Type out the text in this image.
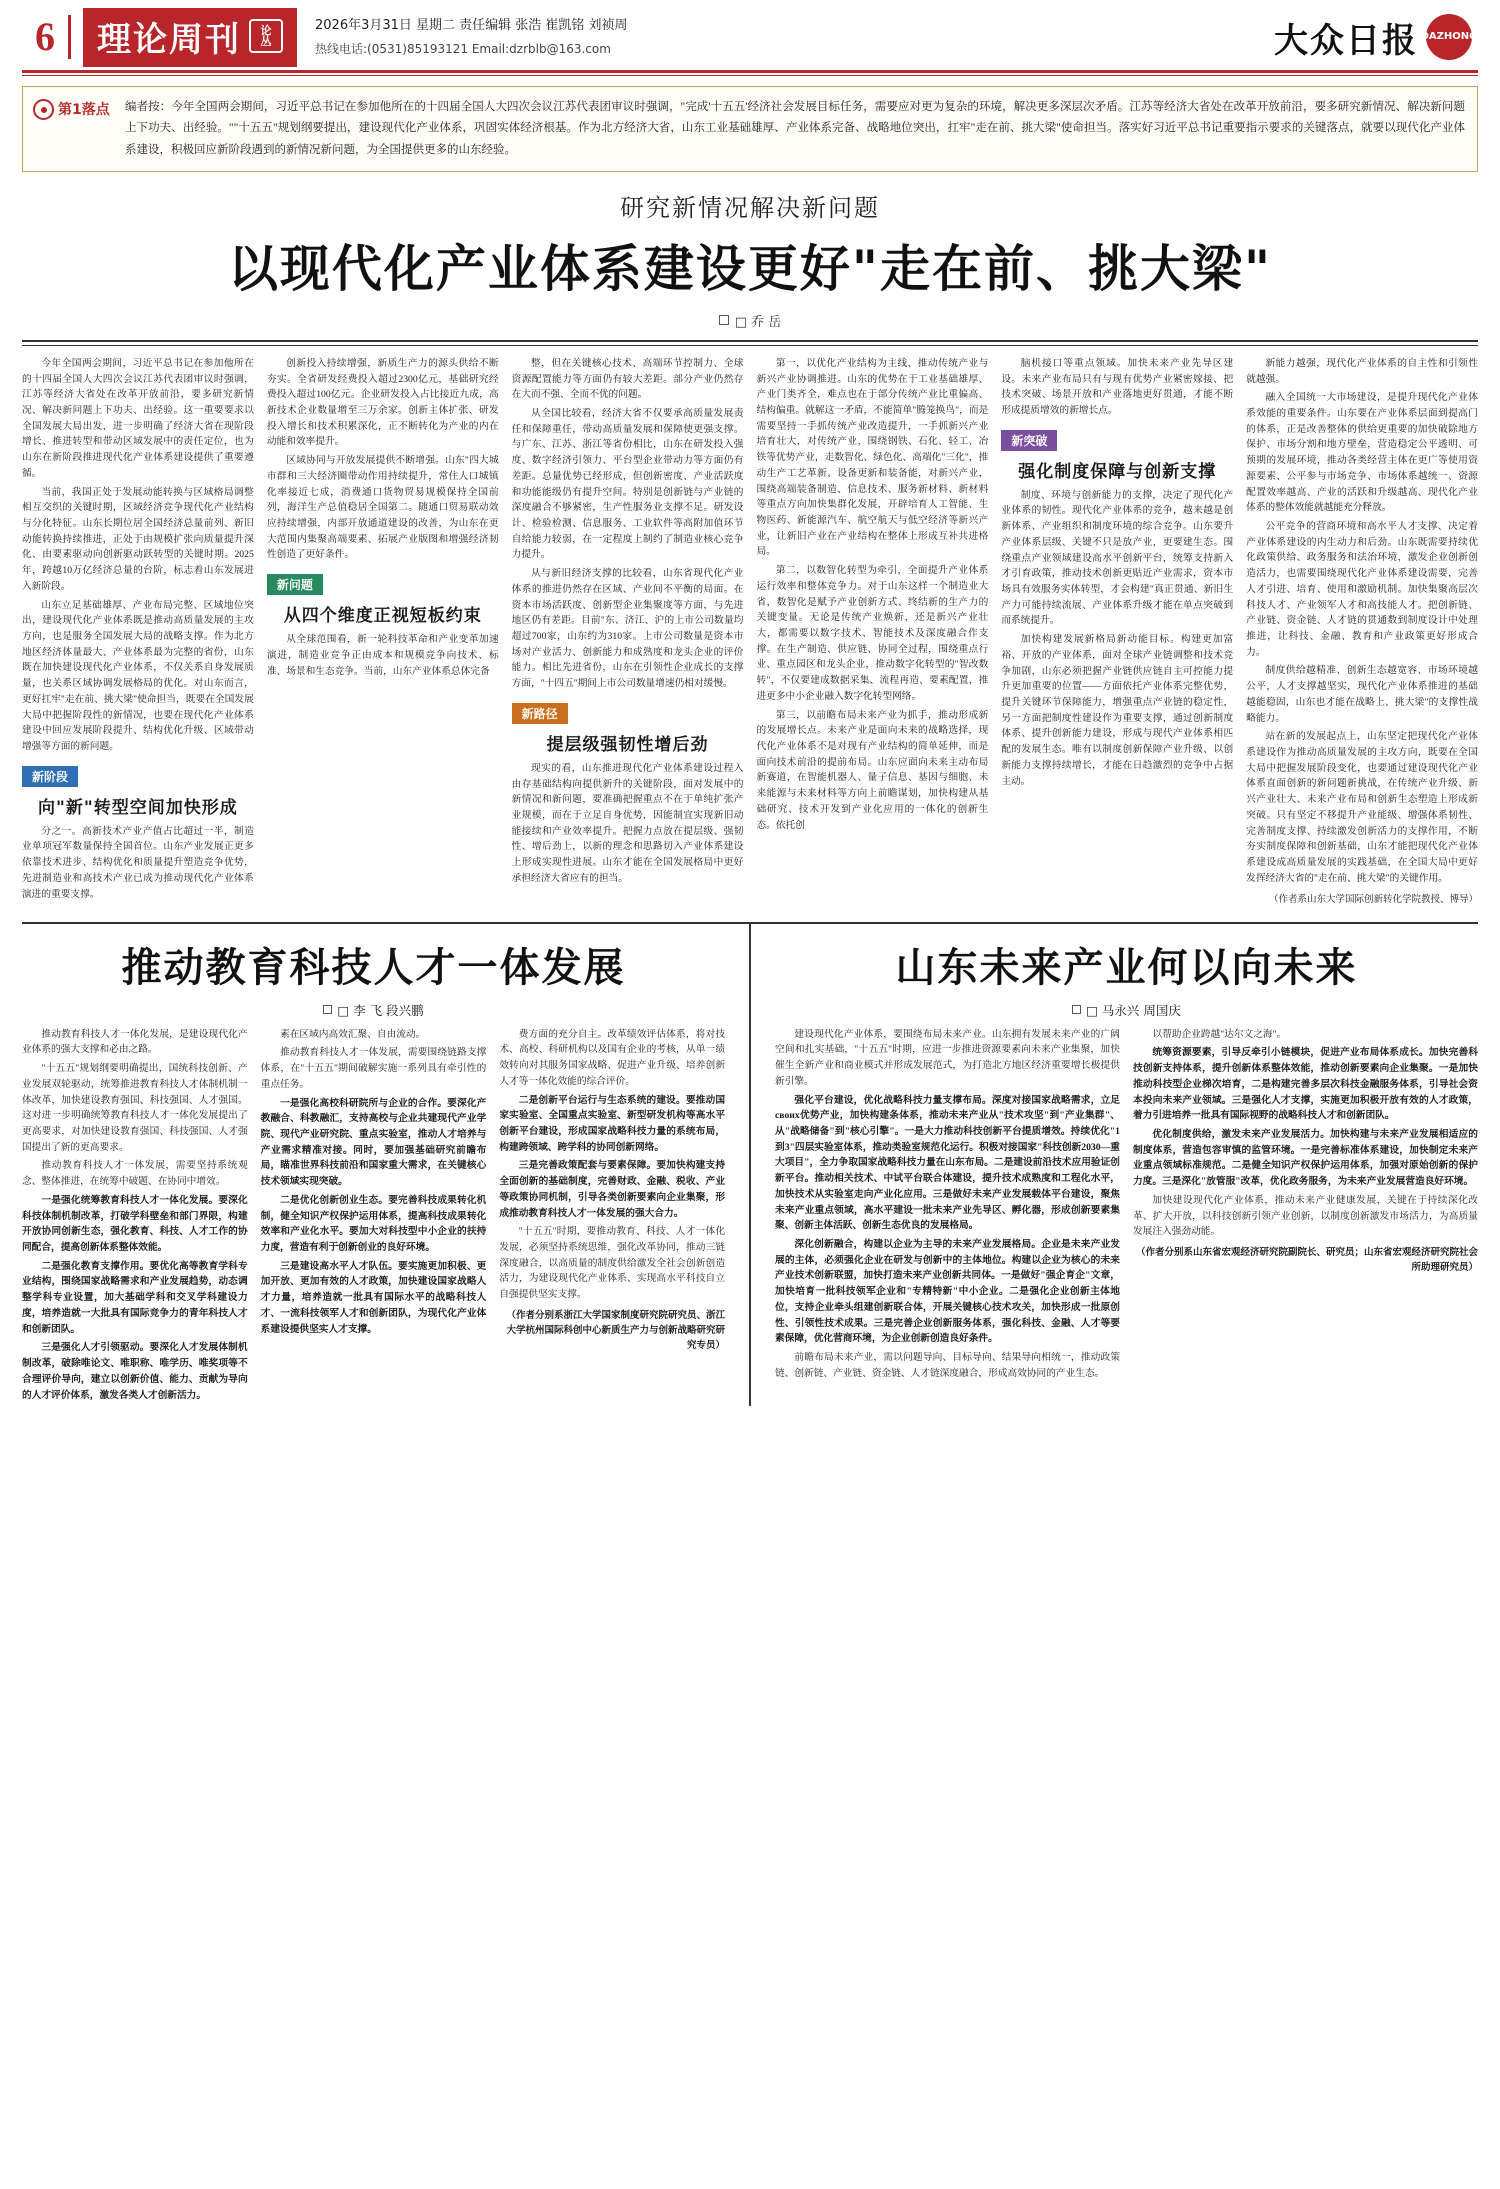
6	理论周刊 论
丛
2026年3月31日 星期二 责任编辑 张浩 崔凯铭 刘祯周
热线电话:(0531)85193121 Email:dzrblb@163.com	大众日报 DAZHONG
第1落点 编者按：今年全国两会期间，习近平总书记在参加他所在的十四届全国人大四次会议江苏代表团审议时强调，"完成'十五五'经济社会发展目标任务，需要应对更为复杂的环境，解决更多深层次矛盾。江苏等经济大省处在改革开放前沿，要多研究新情况、解决新问题上下功夫、出经验。""十五五"规划纲要提出，建设现代化产业体系，巩固实体经济根基。作为北方经济大省，山东工业基础雄厚、产业体系完备、战略地位突出，扛牢"走在前、挑大梁"使命担当。落实好习近平总书记重要指示要求的关键落点，就要以现代化产业体系建设，积极回应新阶段遇到的新情况新问题，为全国提供更多的山东经验。
研究新情况解决新问题
以现代化产业体系建设更好"走在前、挑大梁"
□ 乔 岳

今年全国两会期间，习近平总书记在参加他所在的十四届全国人大四次会议江苏代表团审议时强调，江苏等经济大省处在改革开放前沿，要多研究新情况、解决新问题上下功夫、出经验。这一重要要求以全国发展大局出发，进一步明确了经济大省在现阶段增长、推进转型和带动区域发展中的责任定位，也为山东在新阶段推进现代化产业体系建设提供了重要遵循。

当前，我国正处于发展动能转换与区域格局调整相互交织的关键时期，区域经济竞争现代化产业结构与分化特征。山东长期位居全国经济总量前列、新旧动能转换持续推进，正处于由规模扩张向质量提升深化、由要素驱动向创新驱动跃转型的关键时期。2025年，跨越10万亿经济总量的台阶，标志着山东发展进入新阶段。

山东立足基础雄厚、产业布局完整、区域地位突出，建设现代化产业体系既是推动高质量发展的主攻方向，也是服务全国发展大局的战略支撑。作为北方地区经济体量最大、产业体系最为完整的省份，山东既在加快建设现代化产业体系，不仅关系自身发展质量，也关系区域协调发展格局的优化。对山东而言，更好扛牢"走在前、挑大梁"使命担当，既要在全国发展大局中把握阶段性的新情况，也要在现代化产业体系建设中回应发展阶段提升、结构优化升级、区域带动增强等方面的新问题。

新阶段
向"新"转型空间加快形成

分之一。高新技术产业产值占比超过一半，制造业单项冠军数量保持全国首位。山东产业发展正更多依靠技术进步、结构优化和质量提升塑造竞争优势，先进制造业和高技术产业已成为推动现代化产业体系演进的重要支撑。

创新投入持续增强，新质生产力的源头供给不断夯实。全省研发经费投入超过2300亿元，基础研究经费投入超过100亿元。企业研发投入占比接近九成，高新技术企业数量增至三万余家。创新主体扩张、研发投入增长和技术积累深化，正不断转化为产业的内在动能和效率提升。

区域协同与开放发展提供不断增强。山东"四大城市群和三大经济圈带动作用持续提升，常住人口城镇化率接近七成，消费通口货物贸易规模保持全国前列，海洋生产总值稳居全国第二。随通口贸易联动效应持续增强，内部开放通道建设的改善，为山东在更大范围内集聚高端要素、拓展产业版图和增强经济韧性创造了更好条件。

新问题
从四个维度正视短板约束

从全球范围看，新一轮科技革命和产业变革加速演进，制造业竞争正由成本和规模竞争向技术、标准、场景和生态竞争。当前，山东产业体系总体完备

整，但在关键核心技术、高端环节控制力、全球资源配置能力等方面仍有较大差距。部分产业仍然存在大而不强、全而不优的问题。

从全国比较看，经济大省不仅要承高质量发展责任和保障重任，带动高质量发展和保障使更强支撑。与广东、江苏、浙江等省份相比，山东在研发投入强度、数字经济引领力、平台型企业带动力等方面仍有差距。总量优势已经形成，但创新密度、产业活跃度和功能能级仍有提升空间。特别是创新链与产业链的深度融合不够紧密，生产性服务业支撑不足。研发设计、检验检测、信息服务、工业软件等高附加值环节自给能力较弱，在一定程度上制约了制造业核心竞争力提升。

从与新旧经济支撑的比较看，山东省现代化产业体系的推进仍然存在区域、产业间不平衡的局面。在资本市场活跃度、创新型企业集聚度等方面，与先进地区仍有差距。目前"东、济江、沪的上市公司数量均超过700家，山东约为310家。上市公司数量是资本市场对产业活力、创新能力和成熟度和龙头企业的评价能力。相比先进省份，山东在引领性企业成长的支撑方面，"十四五"期间上市公司数量增速仍相对缓慢。

新路径
提层级强韧性增后劲

现实的看，山东推进现代化产业体系建设过程入由存基础结构向提供新升的关键阶段，面对发展中的新情况和新问题，要准确把握重点不在于单纯扩张产业规模，而在于立足自身优势，因能制宜实现新旧动能接续和产业效率提升。把握力点放在提层级、强韧性、增后劲上，以新的理念和思路切入产业体系建设上形成实现性进展。山东才能在全国发展格局中更好承担经济大省应有的担当。

第一，以优化产业结构为主线，推动传统产业与新兴产业协调推进。山东的优势在于工业基础雄厚、产业门类齐全，难点也在于部分传统产业比重偏高、结构偏重。就解这一矛盾，不能简单"腾笼换鸟"，而是需要坚持一手抓传统产业改造提升，一手抓新兴产业培育壮大，对传统产业，围绕钢铁、石化、轻工、冶铁等优势产业，走数智化、绿色化、高端化"三化"，推动生产工艺革新、设备更新和装备能，对新兴产业，围绕高端装备制造、信息技术、服务新材料、新材料等重点方向加快集群化发展，开辟培育人工智能、生物医药、新能源汽车、航空航天与低空经济等新兴产业，让新旧产业在产业结构在整体上形成互补共进格局。

第二，以数智化转型为牵引，全面提升产业体系运行效率和整体竞争力。对于山东这样一个制造业大省，数智化是赋予产业创新方式、终结新的生产力的关键变量。无论是传统产业焕新，还是新兴产业壮大，都需要以数字技术、智能技术及深度融合作支撑。在生产制造、供应链、协同全过程，围绕重点行业、重点园区和龙头企业，推动数字化转型的"智改数转"，不仅要建成数据采集、流程再造、要素配置，推进更多中小企业融入数字化转型网络。

第三，以前瞻布局未来产业为抓手，推动形成新的发展增长点。未来产业是面向未来的战略选择，现代化产业体系不是对现有产业结构的简单延伸，而是面向技术前沿的提前布局。山东应面向未来主动布局新赛道，在智能机器人、量子信息、基因与细胞、未来能源与未来材料等方向上前瞻谋划，加快构建从基础研究、技术开发到产业化应用的一体化的创新生态。依托创

脑机接口等重点领域。加快未来产业先导区建设。未来产业布局只有与现有优势产业紧密嫁接、把技术突破、场景开放和产业落地更好贯通，才能不断形成提质增效的新增长点。

新突破
强化制度保障与创新支撑

制度、环境与创新能力的支撑，决定了现代化产业体系的韧性。现代化产业体系的竞争，越来越是创新体系、产业组织和制度环境的综合竞争。山东要升产业体系层级、关键不只是放产业，更要建生态。围绕重点产业领域建设高水平创新平台，统筹支持新入才引育政策，推动技术创新更贴近产业需求，资本市场具有效服务实体转型，才会构建"真正贯通、新旧生产力可能持续流展、产业体系升级才能在单点突破到而系统提升。

加快构建发展新格局新动能目标。构建更加富裕、开放的产业体系，面对全球产业链调整和技术竞争加剧，山东必须把握产业链供应链自主可控能力提升更加重要的位置——方面依托产业体系完整优势，提升关键环节保障能力，增强重点产业链的稳定性，另一方面把制度性建设作为重要支撑，通过创新制度体系、提升创新能力建设，形成与现代产业体系相匹配的发展生态。唯有以制度创新保障产业升级、以创新能力支撑持续增长，才能在日趋激烈的竞争中占据主动。

新能力越强，现代化产业体系的自主性和引领性就越强。

融入全国统一大市场建设，是提升现代化产业体系效能的重要条件。山东要在产业体系层面到提高门的体系，正是改善整体的供给更重要的加快破除地方保护、市场分割和地方壁垒，营造稳定公平透明、可预期的发展环境，推动各类经营主体在更广等使用资源要素、公平参与市场竞争、市场体系越统一、资源配置效率越高、产业的活跃和升级越高、现代化产业体系的整体效能就越能充分释放。

公平竞争的营商环境和高水平人才支撑、决定着产业体系建设的内生动力和后劲。山东既需要持续优化政策供给、政务服务和法治环境，激发企业创新创造活力，也需要围绕现代化产业体系建设需要，完善人才引进、培育、使用和激励机制。加快集聚高层次科技人才、产业领军人才和高技能人才。把创新链、产业链、资金链、人才链的贯通数到制度设计中处理推进，让科技、金融、教育和产业政策更好形成合力。

制度供给越精准、创新生态越宽容、市场环境越公平，人才支撑越坚实，现代化产业体系推进的基础越能稳固，山东也才能在战略上、挑大梁"的支撑性战略能力。

站在新的发展起点上，山东坚定把现代化产业体系建设作为推动高质量发展的主攻方向，既要在全国大局中把握发展阶段变化，也要通过建设现代化产业体系直面创新的新问题新挑战，在传统产业升级、新兴产业壮大、未来产业布局和创新生态塑造上形成新突破。只有坚定不移提升产业能级、增强体系韧性、完善制度支撑、持续激发创新活力的支撑作用，不断夯实制度保障和创新基础，山东才能把现代化产业体系建设成高质量发展的实践基础，在全国大局中更好发挥经济大省的"走在前、挑大梁"的关键作用。

（作者系山东大学国际创新转化学院教授、博导）
推动教育科技人才一体发展
□ 李 飞 段兴鹏

推动教育科技人才一体化发展，是建设现代化产业体系的强大支撑和必由之路。

"十五五"规划纲要明确提出，国统科技创新、产业发展双轮驱动，统筹推进教育科技人才体制机制一体改革，加快建设教育强国、科技强国、人才强国。这对进一步明确统筹教育科技人才一体化发展提出了更高要求，对加快建设教育强国、科技强国、人才强国提出了新的更高要求。

推动教育科技人才一体发展，需要坚持系统观念、整体推进，在统筹中破题、在协同中增效。

一是强化统筹教育科技人才一体化发展。要深化科技体制机制改革，打破学科壁垒和部门界限，构建开放协同创新生态，强化教育、科技、人才工作的协同配合，提高创新体系整体效能。

二是强化教育支撑作用。要优化高等教育学科专业结构，围绕国家战略需求和产业发展趋势，动态调整学科专业设置，加大基础学科和交叉学科建设力度，培养造就一大批具有国际竞争力的青年科技人才和创新团队。

三是强化人才引领驱动。要深化人才发展体制机制改革，破除唯论文、唯职称、唯学历、唯奖项等不合理评价导向，建立以创新价值、能力、贡献为导向的人才评价体系，激发各类人才创新活力。

素在区域内高效汇聚、自由流动。

推动教育科技人才一体发展，需要围绕链路支撑体系，在"十五五"期间破解实施一系列具有牵引性的重点任务。

一是强化高校科研院所与企业的合作。要深化产教融合、科教融汇，支持高校与企业共建现代产业学院、现代产业研究院、重点实验室，推动人才培养与产业需求精准对接。同时，要加强基础研究前瞻布局，瞄准世界科技前沿和国家重大需求，在关键核心技术领域实现突破。

二是优化创新创业生态。要完善科技成果转化机制，健全知识产权保护运用体系，提高科技成果转化效率和产业化水平。要加大对科技型中小企业的扶持力度，营造有利于创新创业的良好环境。

三是建设高水平人才队伍。要实施更加积极、更加开放、更加有效的人才政策，加快建设国家战略人才力量，培养造就一批具有国际水平的战略科技人才、一流科技领军人才和创新团队，为现代化产业体系建设提供坚实人才支撑。

费方面的充分自主。改革绩效评估体系，将对技术、高校、科研机构以及国有企业的考核，从单一绩效转向对其服务国家战略、促进产业升级、培养创新人才等一体化效能的综合评价。

二是创新平台运行与生态系统的建设。要推动国家实验室、全国重点实验室、新型研发机构等高水平创新平台建设，形成国家战略科技力量的系统布局，构建跨领域、跨学科的协同创新网络。

三是完善政策配套与要素保障。要加快构建支持全面创新的基础制度，完善财政、金融、税收、产业等政策协同机制，引导各类创新要素向企业集聚，形成推动教育科技人才一体发展的强大合力。

"十五五"时期，要推动教育、科技、人才一体化发展，必须坚持系统思维，强化改革协同，推动三链深度融合，以高质量的制度供给激发全社会创新创造活力，为建设现代化产业体系、实现高水平科技自立自强提供坚实支撑。

（作者分别系浙江大学国家制度研究院研究员、浙江大学杭州国际科创中心新质生产力与创新战略研究研究专员）
山东未来产业何以向未来
□ 马永兴 周国庆

建设现代化产业体系，要围绕布局未来产业。山东拥有发展未来产业的广阔空间和扎实基础，"十五五"时期，应进一步推进资源要素向未来产业集聚，加快催生全新产业和商业模式并形成发展范式，为打造北方地区经济重要增长极提供新引擎。

强化平台建设，优化战略科技力量支撑布局。深度对接国家战略需求，立足своих优势产业，加快构建条体系，推动未来产业从"技术攻坚"到"产业集群"、从"战略储备"到"核心引擎"。一是大力推动科技创新平台提质增效。持续优化"1到3"四层实验室体系，推动类验室规范化运行。积极对接国家"科技创新2030—重大项目"，全力争取国家战略科技力量在山东布局。二是建设前沿技术应用验证创新平台。推动相关技术、中试平台联合体建设，提升技术成熟度和工程化水平，加快技术从实验室走向产业化应用。三是做好未来产业发展载体平台建设，聚焦未来产业重点领域，高水平建设一批未来产业先导区、孵化器，形成创新要素集聚、创新主体活跃、创新生态优良的发展格局。

深化创新融合，构建以企业为主导的未来产业发展格局。企业是未来产业发展的主体，必须强化企业在研发与创新中的主体地位。构建以企业为核心的未来产业技术创新联盟，加快打造未来产业创新共同体。一是做好"强企育企"文章，加快培育一批科技领军企业和"专精特新"中小企业。二是强化企业创新主体地位，支持企业牵头组建创新联合体，开展关键核心技术攻关，加快形成一批原创性、引领性技术成果。三是完善企业创新服务体系，强化科技、金融、人才等要素保障，优化营商环境，为企业创新创造良好条件。

前瞻布局未来产业，需以问题导向、目标导向、结果导向相统一，推动政策链、创新链、产业链、资金链、人才链深度融合，形成高效协同的产业生态。

以帮助企业跨越"达尔文之海"。

统筹资源要素，引导反牵引小链模块，促进产业布局体系成长。加快完善科技创新支持体系，提升创新体系整体效能，推动创新要素向企业集聚。一是加快推动科技型企业梯次培育，二是构建完善多层次科技金融服务体系，引导社会资本投向未来产业领域。三是强化人才支撑，实施更加积极开放有效的人才政策，着力引进培养一批具有国际视野的战略科技人才和创新团队。

优化制度供给，激发未来产业发展活力。加快构建与未来产业发展相适应的制度体系，营造包容审慎的监管环境。一是完善标准体系建设，加快制定未来产业重点领域标准规范。二是健全知识产权保护运用体系，加强对原始创新的保护力度。三是深化"放管服"改革，优化政务服务，为未来产业发展营造良好环境。

加快建设现代化产业体系，推动未来产业健康发展，关键在于持续深化改革、扩大开放，以科技创新引领产业创新，以制度创新激发市场活力，为高质量发展注入强劲动能。

（作者分别系山东省宏观经济研究院副院长、研究员；山东省宏观经济研究院社会所助理研究员）
